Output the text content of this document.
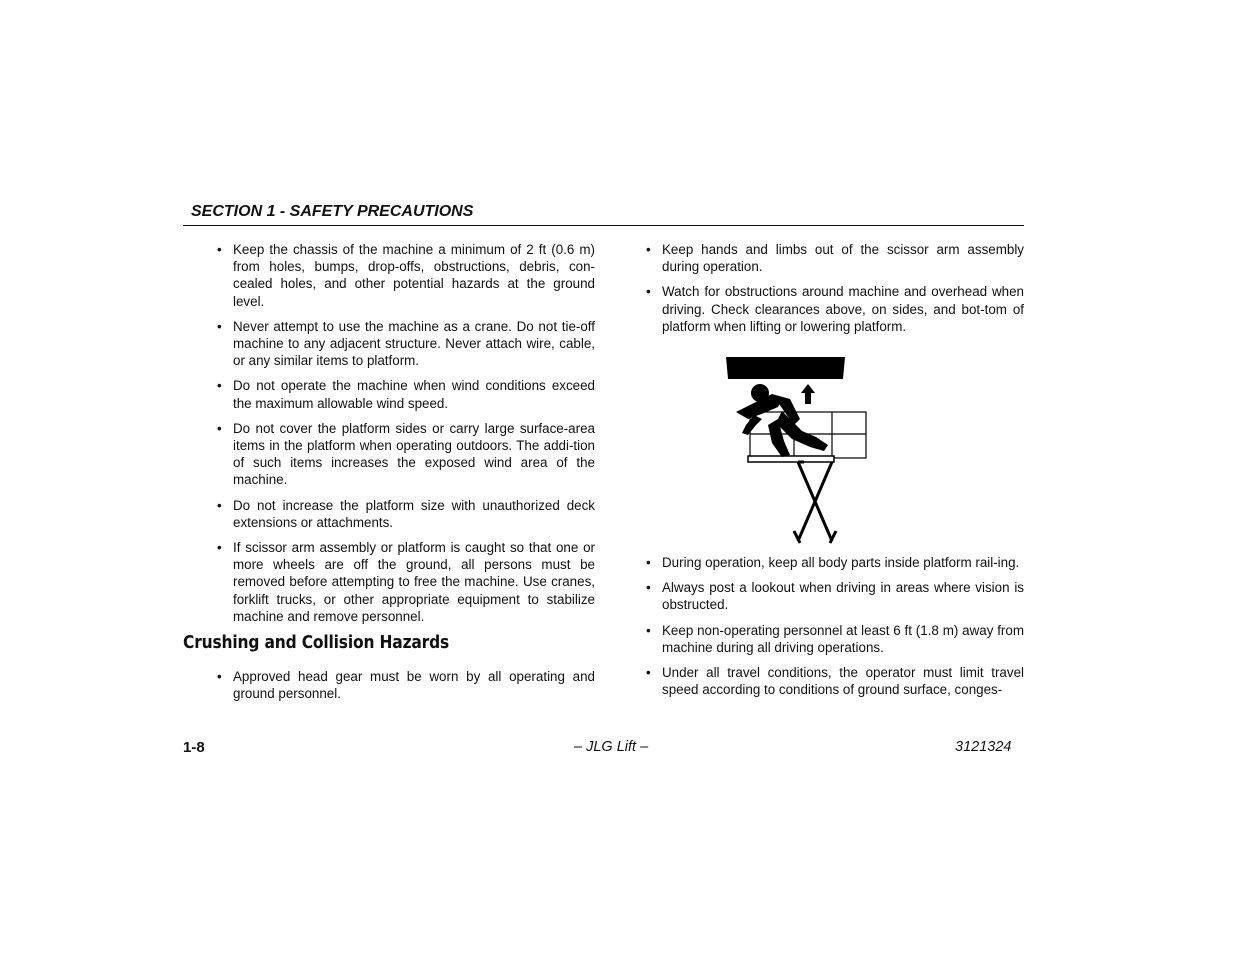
SECTION 1 - SAFETY PRECAUTIONS
• Keep the chassis of the machine a minimum of 2 ft (0.6 m) from holes, bumps, drop-offs, obstructions, debris, con-cealed holes, and other potential hazards at the ground level.
• Never attempt to use the machine as a crane. Do not tie-off machine to any adjacent structure. Never attach wire, cable, or any similar items to platform.
• Do not operate the machine when wind conditions exceed the maximum allowable wind speed.
• Do not cover the platform sides or carry large surface-area items in the platform when operating outdoors. The addi-tion of such items increases the exposed wind area of the machine.
• Do not increase the platform size with unauthorized deck extensions or attachments.
• If scissor arm assembly or platform is caught so that one or more wheels are off the ground, all persons must be removed before attempting to free the machine. Use cranes, forklift trucks, or other appropriate equipment to stabilize machine and remove personnel.
Crushing and Collision Hazards
• Approved head gear must be worn by all operating and ground personnel.
• Keep hands and limbs out of the scissor arm assembly during operation.
• Watch for obstructions around machine and overhead when driving. Check clearances above, on sides, and bot-tom of platform when lifting or lowering platform.
• During operation, keep all body parts inside platform rail-ing.
• Always post a lookout when driving in areas where vision is obstructed.
• Keep non-operating personnel at least 6 ft (1.8 m) away from machine during all driving operations.
• Under all travel conditions, the operator must limit travel speed according to conditions of ground surface, conges-
1-8	– JLG Lift –	3121324
